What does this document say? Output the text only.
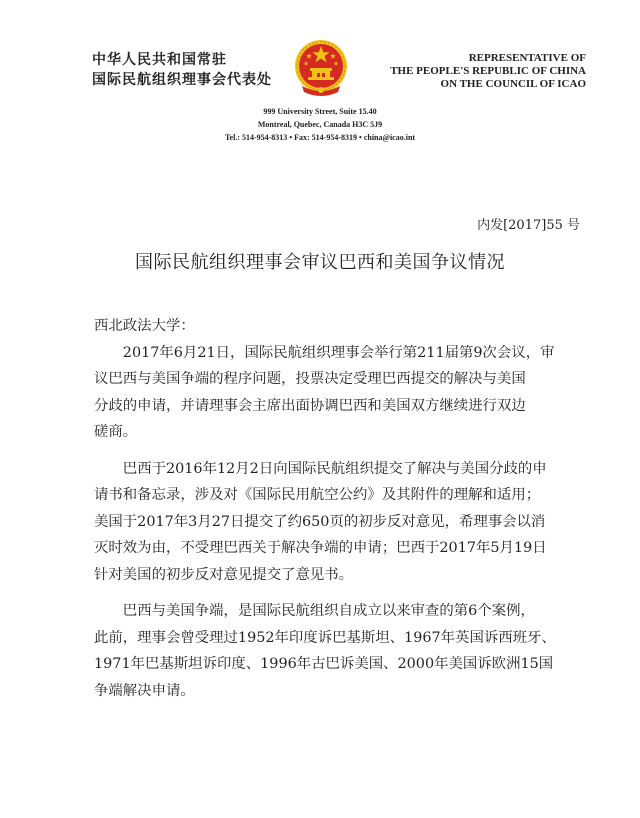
中华人民共和国常驻
国际民航组织理事会代表处
REPRESENTATIVE OF
THE PEOPLE'S REPUBLIC OF CHINA
ON THE COUNCIL OF ICAO
999 University Street, Suite 15.40
Montreal, Quebec, Canada H3C 5J9
Tel.: 514-954-8313 • Fax: 514-954-8319 • china@icao.int
内发[2017]55 号
国际民航组织理事会审议巴西和美国争议情况

西北政法大学：

2017年6月21日，国际民航组织理事会举行第211届第9次会议，审
议巴西与美国争端的程序问题，投票决定受理巴西提交的解决与美国
分歧的申请，并请理事会主席出面协调巴西和美国双方继续进行双边
磋商。

巴西于2016年12月2日向国际民航组织提交了解决与美国分歧的申
请书和备忘录，涉及对《国际民用航空公约》及其附件的理解和适用；
美国于2017年3月27日提交了约650页的初步反对意见，希理事会以消
灭时效为由，不受理巴西关于解决争端的申请；巴西于2017年5月19日
针对美国的初步反对意见提交了意见书。

巴西与美国争端，是国际民航组织自成立以来审查的第6个案例，
此前，理事会曾受理过1952年印度诉巴基斯坦、1967年英国诉西班牙、
1971年巴基斯坦诉印度、1996年古巴诉美国、2000年美国诉欧洲15国
争端解决申请。
